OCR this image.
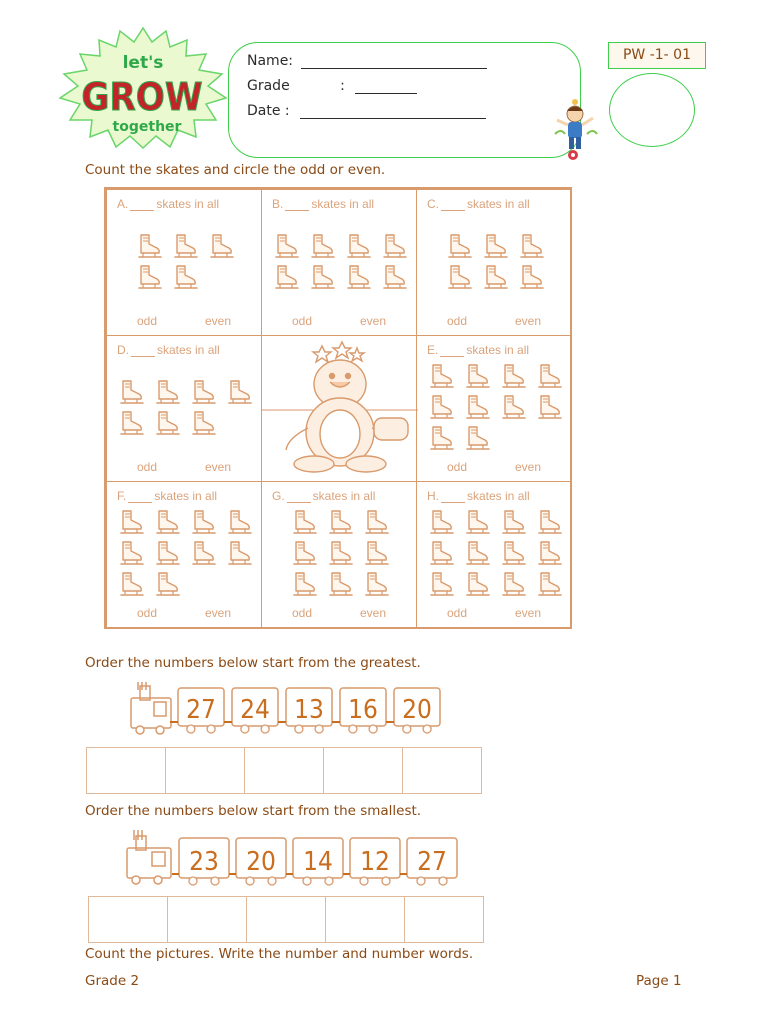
let's
GROW
together
Name:
Grade	:
Date :
PW -1- 01
Count the skates and circle the odd or even.
A. skates in all
odd	even
B. skates in all
odd	even
C. skates in all
odd	even
D. skates in all
odd	even
E. skates in all
odd	even
F. skates in all
odd	even
G. skates in all
odd	even
H. skates in all
odd	even
Order the numbers below start from the greatest.
27 24 13 16 20
Order the numbers below start from the smallest.
23 20 14 12 27
Count the pictures. Write the number and number words.
Grade 2	Page 1
